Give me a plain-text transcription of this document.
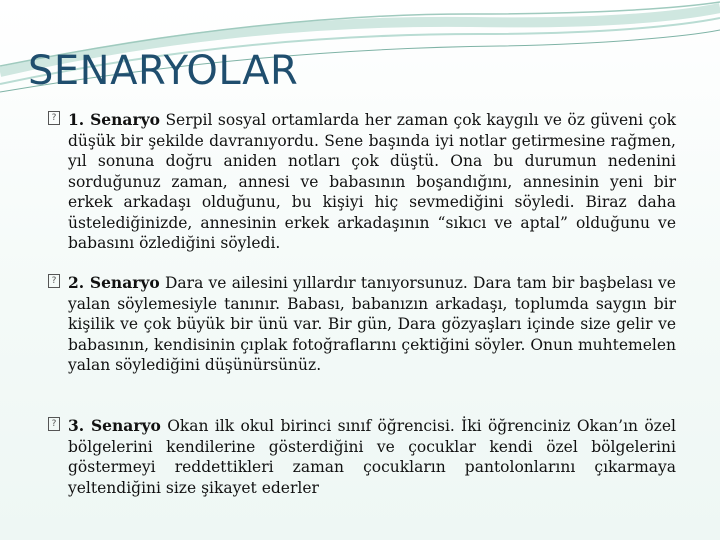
SENARYOLAR
? 1. Senaryo Serpil sosyal ortamlarda her zaman çok kaygılı ve öz güveni çok düşük bir şekilde davranıyordu. Sene başında iyi notlar getirmesine rağmen, yıl sonuna doğru aniden notları çok düştü. Ona bu durumun nedenini sorduğunuz zaman, annesi ve babasının boşandığını, annesinin yeni bir erkek arkadaşı olduğunu, bu kişiyi hiç sevmediğini söyledi. Biraz daha üstelediğinizde, annesinin erkek arkadaşının “sıkıcı ve aptal” olduğunu ve babasını özlediğini söyledi.
? 2. Senaryo Dara ve ailesini yıllardır tanıyorsunuz. Dara tam bir başbelası ve yalan söylemesiyle tanınır. Babası, babanızın arkadaşı, toplumda saygın bir kişilik ve çok büyük bir ünü var. Bir gün, Dara gözyaşları içinde size gelir ve babasının, kendisinin çıplak fotoğraflarını çektiğini söyler. Onun muhtemelen yalan söylediğini düşünürsünüz.
? 3. Senaryo Okan ilk okul birinci sınıf öğrencisi. İki öğrenciniz Okan’ın özel bölgelerini kendilerine gösterdiğini ve çocuklar kendi özel bölgelerini göstermeyi reddettikleri zaman çocukların pantolonlarını çıkarmaya yeltendiğini size şikayet ederler
